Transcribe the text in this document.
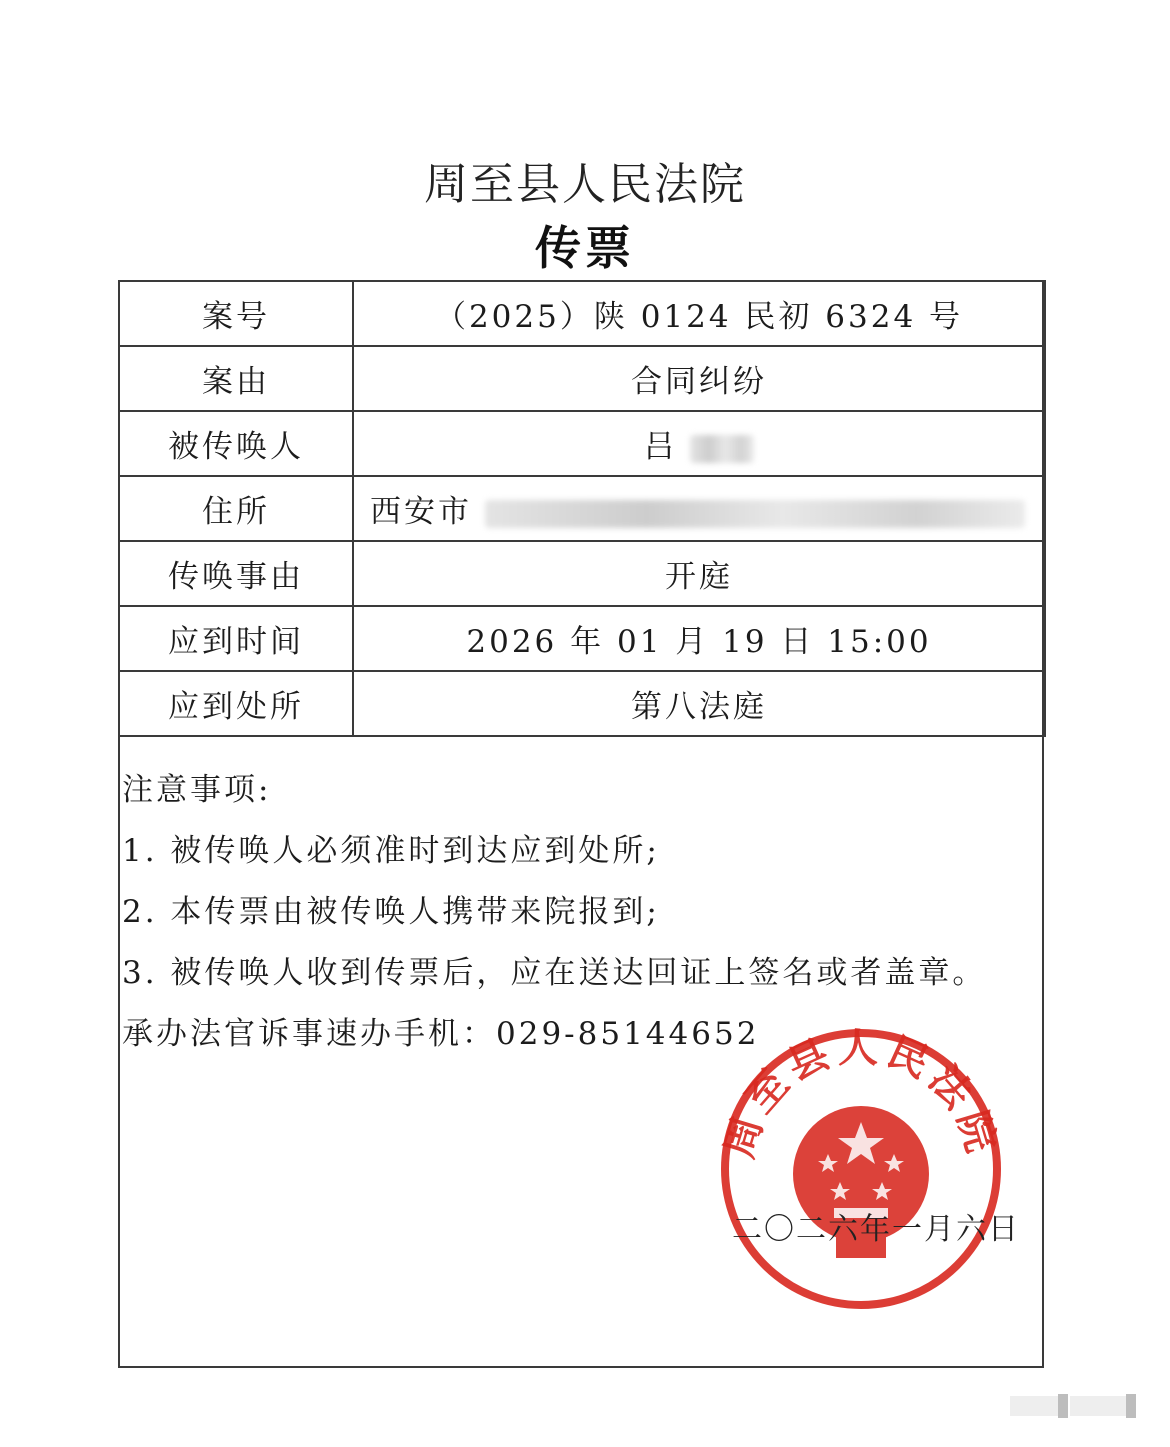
周至县人民法院
传票
案号	（2025）陕 0124 民初 6324 号
案由	合同纠纷
被传唤人	吕
住所	西安市
传唤事由	开庭
应到时间	2026 年 01 月 19 日 15:00
应到处所	第八法庭
注意事项:
1. 被传唤人必须准时到达应到处所;
2. 本传票由被传唤人携带来院报到;
3. 被传唤人收到传票后，应在送达回证上签名或者盖章。
承办法官诉事速办手机：029-85144652
周至县人民法院
二〇二六年一月六日
